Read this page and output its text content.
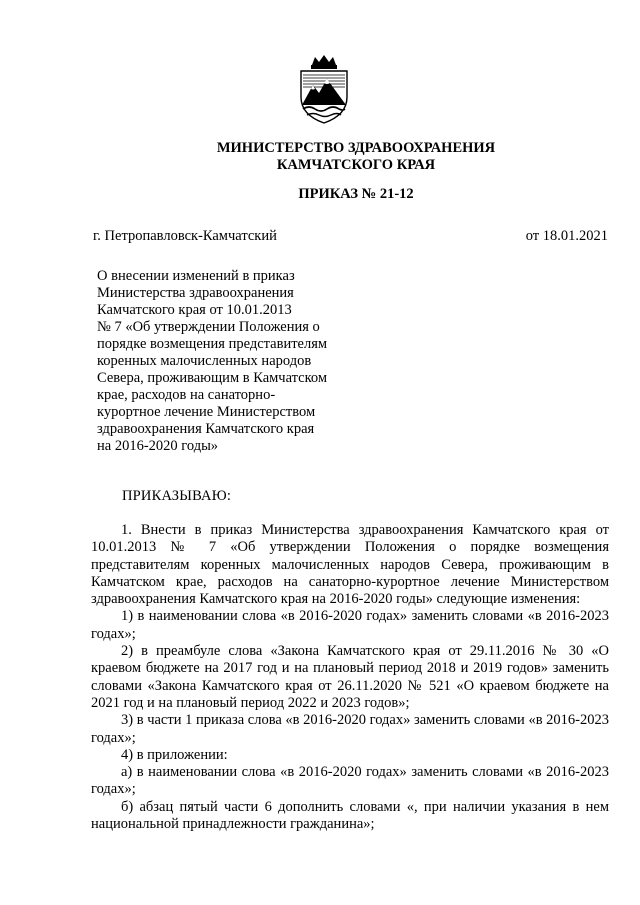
МИНИСТЕРСТВО ЗДРАВООХРАНЕНИЯ
КАМЧАТСКОГО КРАЯ
ПРИКАЗ № 21-12
г. Петропавловск-Камчатский	от 18.01.2021
О внесении изменений в приказ
Министерства здравоохранения
Камчатского края от 10.01.2013
№ 7 «Об утверждении Положения о
порядке возмещения представителям
коренных малочисленных народов
Севера, проживающим в Камчатском
крае, расходов на санаторно-
курортное лечение Министерством
здравоохранения Камчатского края
на 2016-2020 годы»
ПРИКАЗЫВАЮ:

1. Внести в приказ Министерства здравоохранения Камчатского края от 10.01.2013 № 7 «Об утверждении Положения о порядке возмещения представителям коренных малочисленных народов Севера, проживающим в Камчатском крае, расходов на санаторно-курортное лечение Министерством здравоохранения Камчатского края на 2016-2020 годы» следующие изменения:

1) в наименовании слова «в 2016-2020 годах» заменить словами «в 2016-2023 годах»;

2) в преамбуле слова «Закона Камчатского края от 29.11.2016 № 30 «О краевом бюджете на 2017 год и на плановый период 2018 и 2019 годов» заменить словами «Закона Камчатского края от 26.11.2020 № 521 «О краевом бюджете на 2021 год и на плановый период 2022 и 2023 годов»;

3) в части 1 приказа слова «в 2016-2020 годах» заменить словами «в 2016-2023 годах»;

4) в приложении:

а) в наименовании слова «в 2016-2020 годах» заменить словами «в 2016-2023 годах»;

б) абзац пятый части 6 дополнить словами «, при наличии указания в нем национальной принадлежности гражданина»;
